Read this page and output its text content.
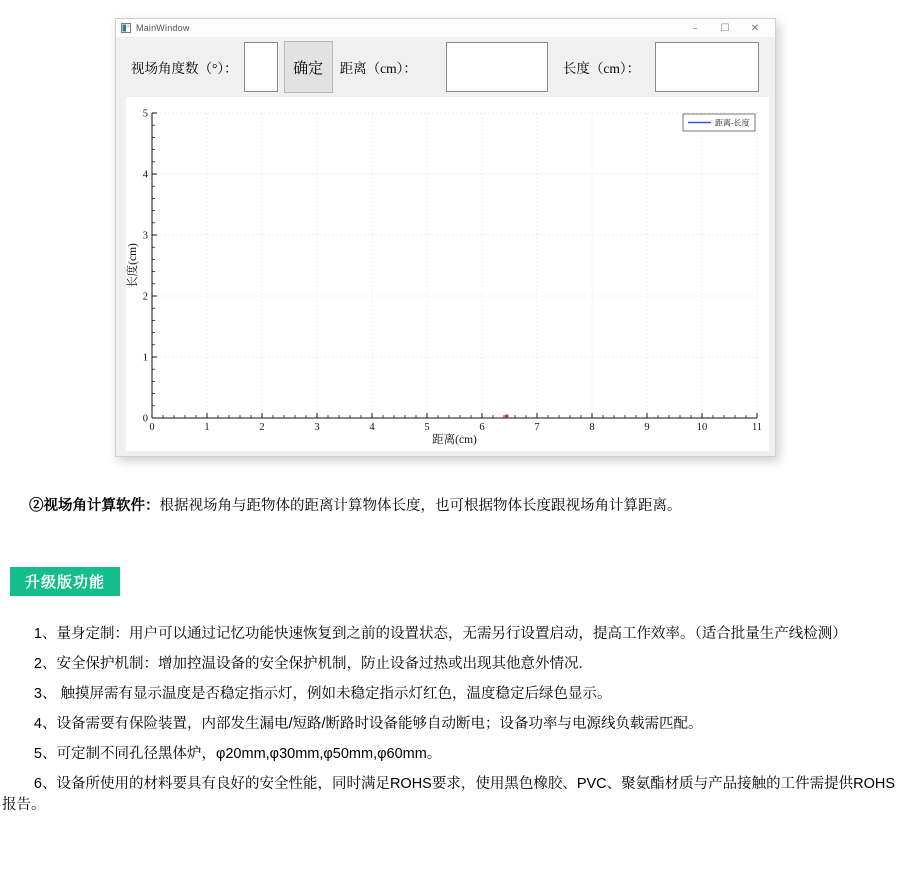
MainWindow	–	☐	✕
视场角度数（°）：	确定	距离（cm）：	长度（cm）：
0	1	2	3	4	5	6	7	8	9	10	11
0
1
2
3
4
5
距离(cm)
长度(cm)
距离-长度

②视场角计算软件：根据视场角与距物体的距离计算物体长度，也可根据物体长度跟视场角计算距离。

升级版功能

1、量身定制：用户可以通过记忆功能快速恢复到之前的设置状态，无需另行设置启动，提高工作效率。（适合批量生产线检测）

2、安全保护机制：增加控温设备的安全保护机制，防止设备过热或出现其他意外情况.

3、 触摸屏需有显示温度是否稳定指示灯，例如未稳定指示灯红色，温度稳定后绿色显示。

4、设备需要有保险装置，内部发生漏电/短路/断路时设备能够自动断电；设备功率与电源线负载需匹配。

5、可定制不同孔径黑体炉，φ20mm,φ30mm,φ50mm,φ60mm。

6、设备所使用的材料要具有良好的安全性能，同时满足ROHS要求，使用黑色橡胶、PVC、聚氨酯材质与产品接触的工件需提供ROHS报告。
